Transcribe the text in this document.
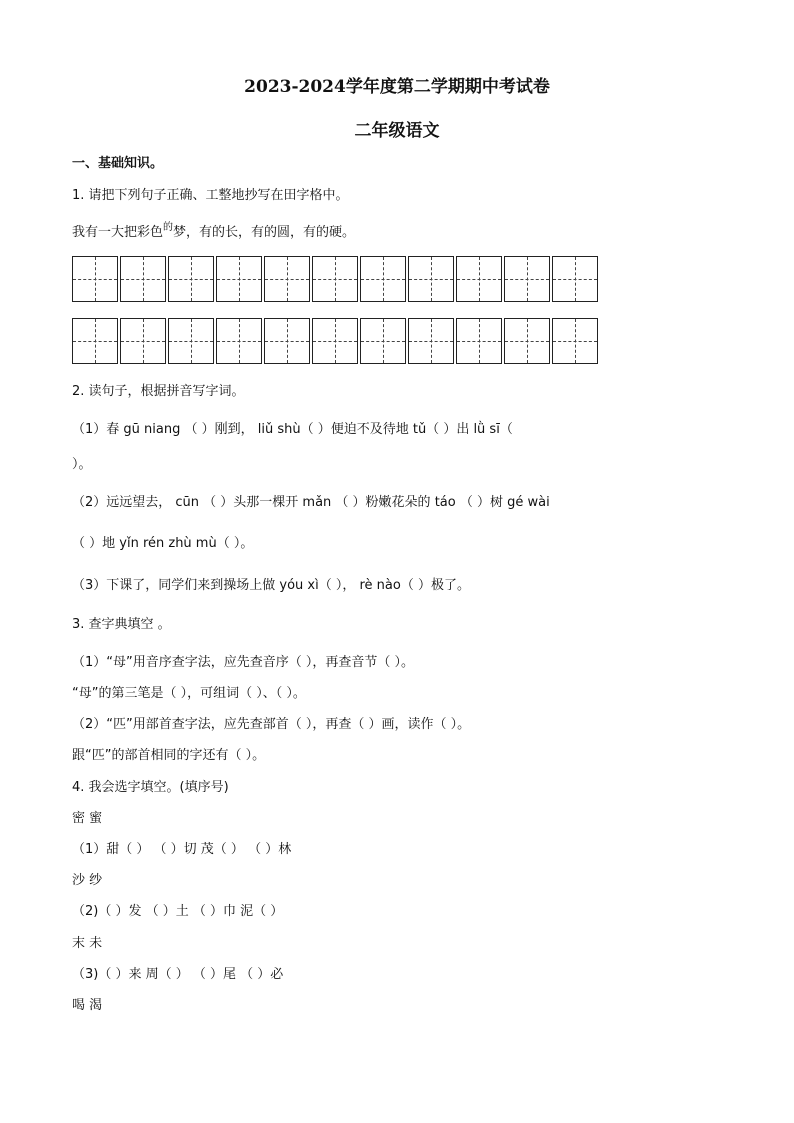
2023-2024学年度第二学期期中考试卷
二年级语文
一、基础知识。
1. 请把下列句子正确、工整地抄写在田字格中。
我有一大把彩色$^的$梦，有的长，有的圆，有的硬。
2. 读句子，根据拼音写字词。
（1）春 gū niang （ ）刚到， liǔ shù（ ）便迫不及待地 tǔ（ ）出 lǜ sī（
）。
（2）远远望去， cūn （ ）头那一棵开 mǎn （ ）粉嫩花朵的 táo （ ）树 gé wài
（ ）地 yǐn rén zhù mù（ ）。
（3）下课了，同学们来到操场上做 yóu xì（ ）， rè nào（ ）极了。
3. 查字典填空 。
（1）“母”用音序查字法，应先查音序（ ），再查音节（ ）。
“母”的第三笔是（ ），可组词（ ）、（ ）。
（2）“匹”用部首查字法，应先查部首（ ），再查（ ）画，读作（ ）。
跟“匹”的部首相同的字还有（ ）。
4. 我会选字填空。(填序号)
密 蜜
（1）甜（ ） （ ）切 茂（ ） （ ）林
沙 纱
（2)（ ）发 （ ）土 （ ）巾 泥（ ）
末 未
（3)（ ）来 周（ ） （ ）尾 （ ）必
喝 渴
